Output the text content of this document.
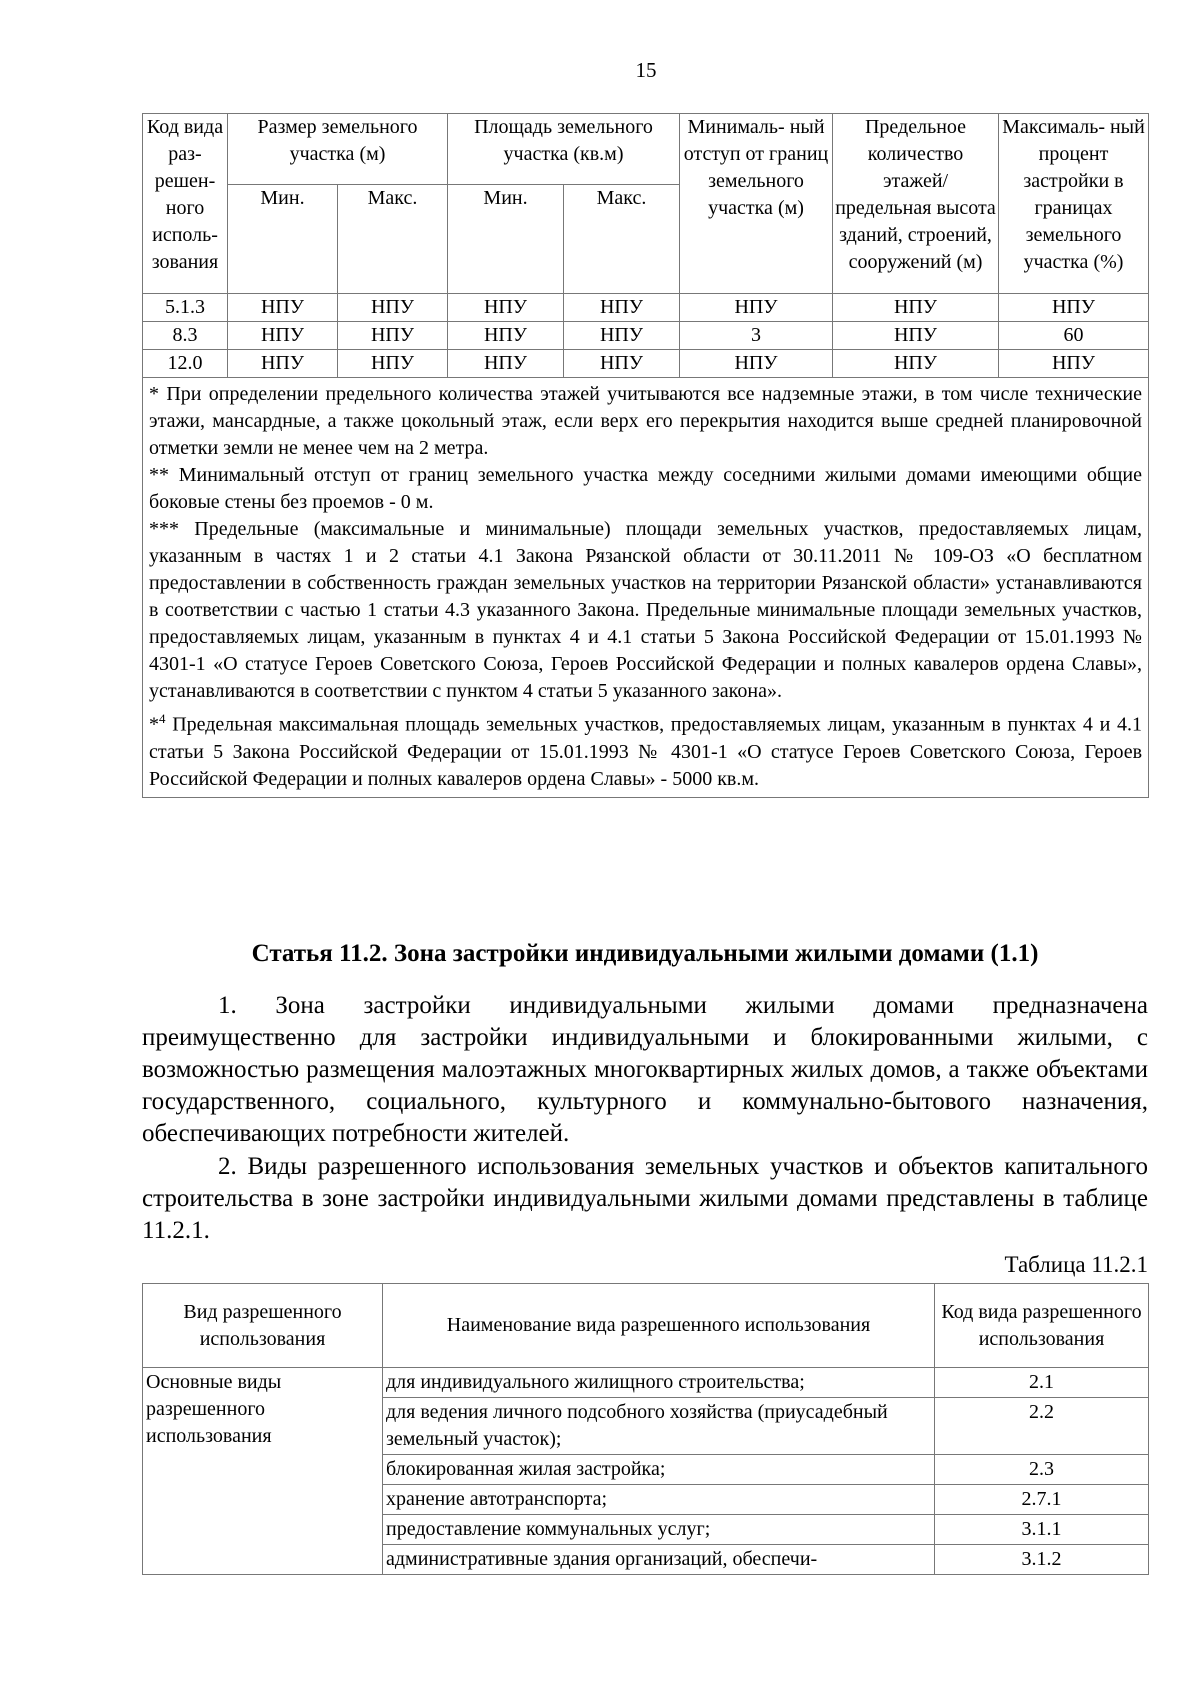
15
Код вида раз- решен- ного исполь- зования	Размер земельного участка (м)		Площадь земельного участка (кв.м)		Минималь- ный отступ от границ земельного участка (м)	Предельное количество этажей/ предельная высота зданий, строений, сооружений (м)	Максималь- ный процент застройки в границах земельного участка (%)
	Мин.	Макс.	Мин.	Макс.			
5.1.3	НПУ	НПУ	НПУ	НПУ	НПУ	НПУ	НПУ
8.3	НПУ	НПУ	НПУ	НПУ	3	НПУ	60
12.0	НПУ	НПУ	НПУ	НПУ	НПУ	НПУ	НПУ

* При определении предельного количества этажей учитываются все надземные этажи, в том числе технические этажи, мансардные, а также цокольный этаж, если верх его перекрытия находится выше средней планировочной отметки земли не менее чем на 2 метра.

** Минимальный отступ от границ земельного участка между соседними жилыми домами имеющими общие боковые стены без проемов - 0 м.

*** Предельные (максимальные и минимальные) площади земельных участков, предоставляемых лицам, указанным в частях 1 и 2 статьи 4.1 Закона Рязанской области от 30.11.2011 № 109-ОЗ «О бесплатном предоставлении в собственность граждан земельных участков на территории Рязанской области» устанавливаются в соответствии с частью 1 статьи 4.3 указанного Закона. Предельные минимальные площади земельных участков, предоставляемых лицам, указанным в пунктах 4 и 4.1 статьи 5 Закона Российской Федерации от 15.01.1993 № 4301-1 «О статусе Героев Советского Союза, Героев Российской Федерации и полных кавалеров ордена Славы», устанавливаются в соответствии с пунктом 4 статьи 5 указанного закона».

*$^4$ Предельная максимальная площадь земельных участков, предоставляемых лицам, указанным в пунктах 4 и 4.1 статьи 5 Закона Российской Федерации от 15.01.1993 № 4301-1 «О статусе Героев Советского Союза, Героев Российской Федерации и полных кавалеров ордена Славы» - 5000 кв.м.							

Статья 11.2. Зона застройки индивидуальными жилыми домами (1.1)

1. Зона застройки индивидуальными жилыми домами предназначена преимущественно для застройки индивидуальными и блокированными жилыми, с возможностью размещения малоэтажных многоквартирных жилых домов, а также объектами государственного, социального, культурного и коммунально-бытового назначения, обеспечивающих потребности жителей.

2. Виды разрешенного использования земельных участков и объектов капитального строительства в зоне застройки индивидуальными жилыми домами представлены в таблице 11.2.1.

Таблица 11.2.1
Вид разрешенного использования	Наименование вида разрешенного использования	Код вида разрешенного использования
Основные виды разрешенного использования	для индивидуального жилищного строительства;	2.1
	для ведения личного подсобного хозяйства (приусадебный земельный участок);	2.2
	блокированная жилая застройка;	2.3
	хранение автотранспорта;	2.7.1
	предоставление коммунальных услуг;	3.1.1
	административные здания организаций, обеспечи-	3.1.2
